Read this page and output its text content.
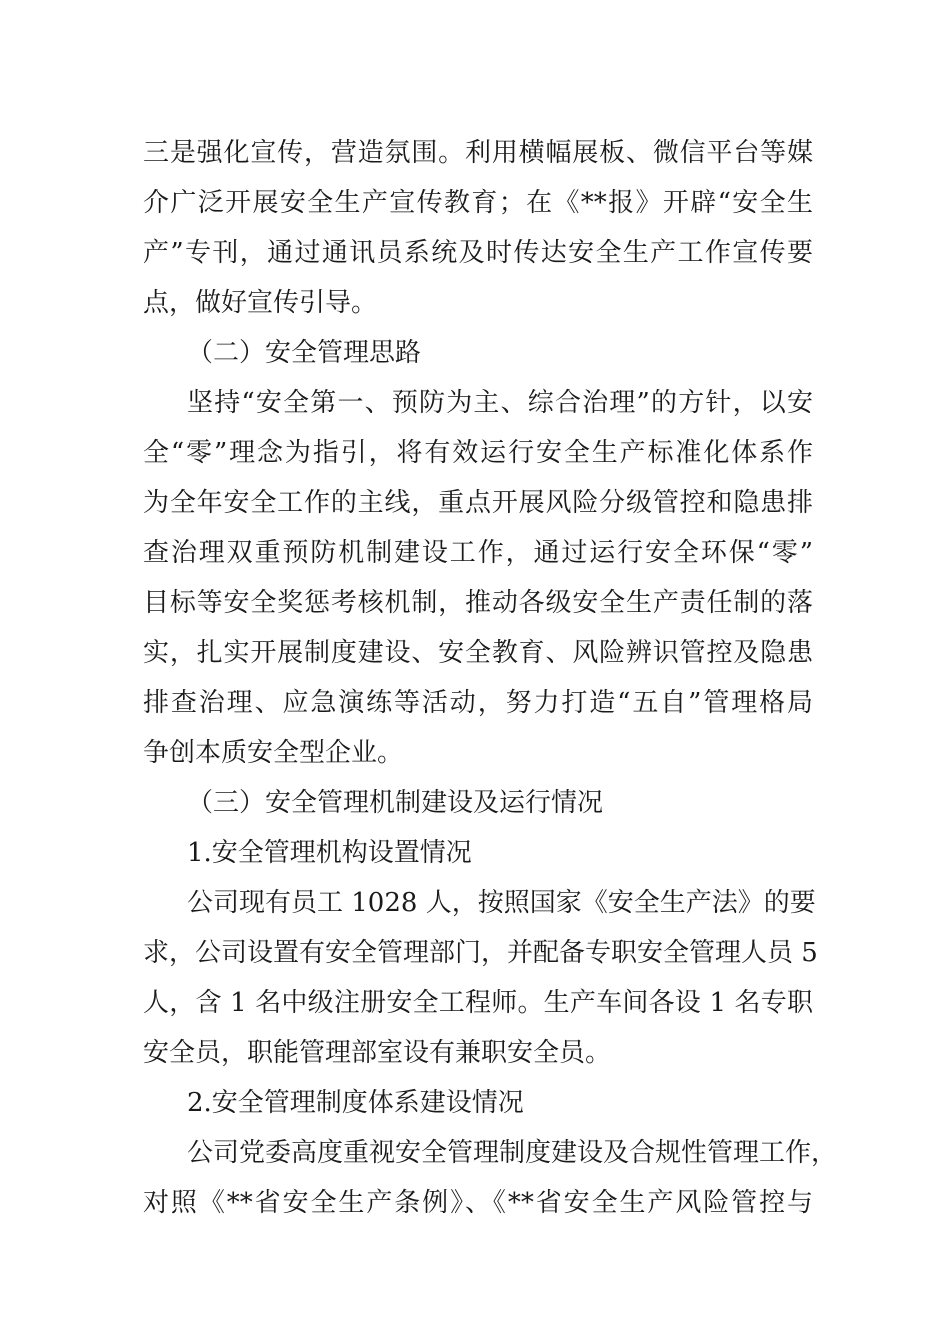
三是强化宣传，营造氛围。利用横幅展板、微信平台等媒
介广泛开展安全生产宣传教育；在《**报》开辟“安全生
产”专刊，通过通讯员系统及时传达安全生产工作宣传要
点，做好宣传引导。
（二）安全管理思路
坚持“安全第一、预防为主、综合治理”的方针，以安
全“零”理念为指引，将有效运行安全生产标准化体系作
为全年安全工作的主线，重点开展风险分级管控和隐患排
查治理双重预防机制建设工作，通过运行安全环保“零”
目标等安全奖惩考核机制，推动各级安全生产责任制的落
实，扎实开展制度建设、安全教育、风险辨识管控及隐患
排查治理、应急演练等活动，努力打造“五自”管理格局
争创本质安全型企业。
（三）安全管理机制建设及运行情况
1.安全管理机构设置情况
公司现有员工 1028 人，按照国家《安全生产法》的要
求，公司设置有安全管理部门，并配备专职安全管理人员 5
人，含 1 名中级注册安全工程师。生产车间各设 1 名专职
安全员，职能管理部室设有兼职安全员。
2.安全管理制度体系建设情况
公司党委高度重视安全管理制度建设及合规性管理工作，
对照《**省安全生产条例》、《**省安全生产风险管控与
